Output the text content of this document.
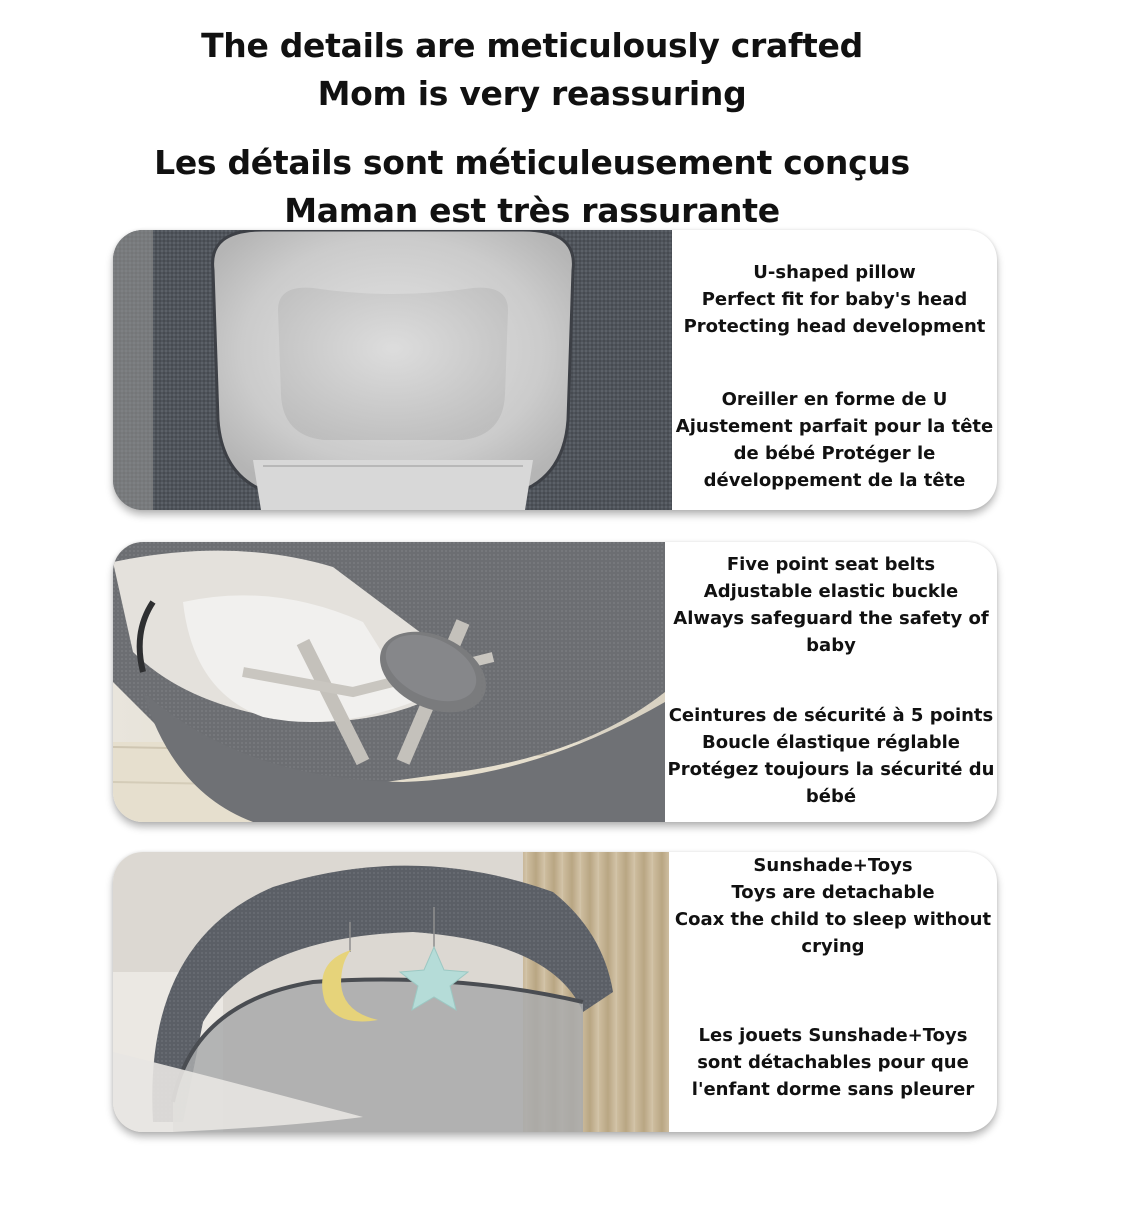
The details are meticulously crafted
Mom is very reassuring
Les détails sont méticuleusement conçus
Maman est très rassurante

U-shaped pillow
Perfect fit for baby's head
Protecting head development

Oreiller en forme de U
Ajustement parfait pour la tête
de bébé Protéger le
développement de la tête

Five point seat belts
Adjustable elastic buckle
Always safeguard the safety of
baby

Ceintures de sécurité à 5 points
Boucle élastique réglable
Protégez toujours la sécurité du
bébé

Sunshade+Toys
Toys are detachable
Coax the child to sleep without
crying

Les jouets Sunshade+Toys
sont détachables pour que
l'enfant dorme sans pleurer
